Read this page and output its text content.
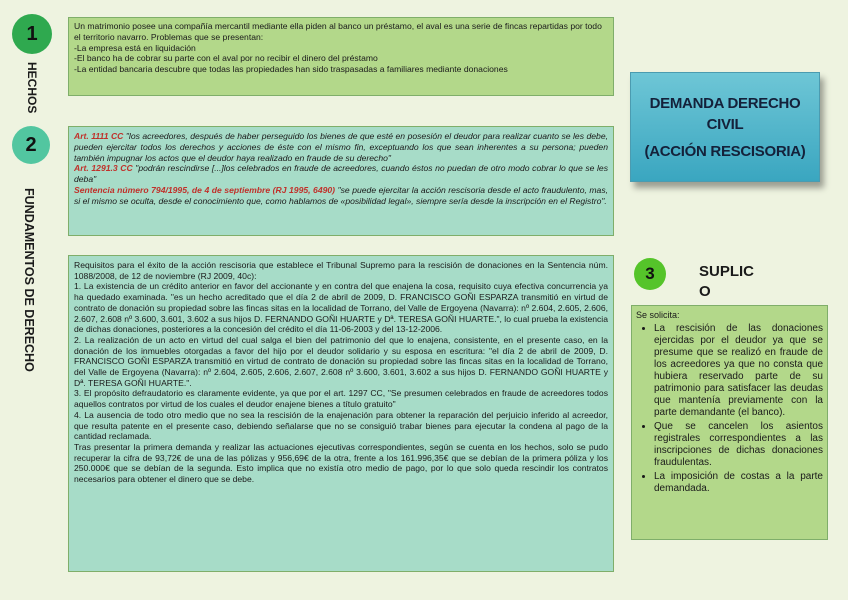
1
2
3
HECHOS
FUNDAMENTOS DE DERECHO

Un matrimonio posee una compañía mercantil mediante ella piden al banco un préstamo, el aval es una serie de fincas repartidas por todo el territorio navarro. Problemas que se presentan:

-La empresa está en liquidación

-El banco ha de cobrar su parte con el aval por no recibir el dinero del préstamo

-La entidad bancaria descubre que todas las propiedades han sido traspasadas a familiares mediante donaciones

DEMANDA DERECHO
CIVIL
(ACCIÓN RESCISORIA)

Art. 1111 CC "los acreedores, después de haber perseguido los bienes de que esté en posesión el deudor para realizar cuanto se les debe, pueden ejercitar todos los derechos y acciones de éste con el mismo fin, exceptuando los que sean inherentes a su persona; pueden también impugnar los actos que el deudor haya realizado en fraude de su derecho"

Art. 1291.3 CC "podrán rescindirse [...]los celebrados en fraude de acreedores, cuando éstos no puedan de otro modo cobrar lo que se les deba"

Sentencia número 794/1995, de 4 de septiembre (RJ 1995, 6490) "se puede ejercitar la acción rescisoria desde el acto fraudulento, mas, si el mismo se oculta, desde el conocimiento que, como hablamos de «posibilidad legal», siempre sería desde la inscripción en el Registro".

Requisitos para el éxito de la acción rescisoria que establece el Tribunal Supremo para la rescisión de donaciones en la Sentencia núm. 1088/2008, de 12 de noviembre (RJ 2009, 40c):

1. La existencia de un crédito anterior en favor del accionante y en contra del que enajena la cosa, requisito cuya efectiva concurrencia ya ha quedado examinada. "es un hecho acreditado que el día 2 de abril de 2009, D. FRANCISCO GOÑI ESPARZA transmitió en virtud de contrato de donación su propiedad sobre las fincas sitas en la localidad de Torrano, del Valle de Ergoyena (Navarra): nº 2.604, 2.605, 2.606, 2.607, 2.608 nº 3.600, 3.601, 3.602 a sus hijos D. FERNANDO GOÑI HUARTE y Dª. TERESA GOÑI HUARTE.", lo cual prueba la existencia de dichas donaciones, posteriores a la concesión del crédito el día 11-06-2003 y del 13-12-2006.

2. La realización de un acto en virtud del cual salga el bien del patrimonio del que lo enajena, consistente, en el presente caso, en la donación de los inmuebles otorgadas a favor del hijo por el deudor solidario y su esposa en escritura: "el día 2 de abril de 2009, D. FRANCISCO GOÑI ESPARZA transmitió en virtud de contrato de donación su propiedad sobre las fincas sitas en la localidad de Torrano, del Valle de Ergoyena (Navarra): nº 2.604, 2.605, 2.606, 2.607, 2.608 nº 3.600, 3.601, 3.602 a sus hijos D. FERNANDO GOÑI HUARTE y Dª. TERESA GOÑI HUARTE.".

3. El propósito defraudatorio es claramente evidente, ya que por el art. 1297 CC, "Se presumen celebrados en fraude de acreedores todos aquellos contratos por virtud de los cuales el deudor enajene bienes a título gratuito"

4. La ausencia de todo otro medio que no sea la rescisión de la enajenación para obtener la reparación del perjuicio inferido al acreedor, que resulta patente en el presente caso, debiendo señalarse que no se consiguió trabar bienes para ejecutar la condena al pago de la cantidad reclamada.

Tras presentar la primera demanda y realizar las actuaciones ejecutivas correspondientes, según se cuenta en los hechos, solo se pudo recuperar la cifra de 93,72€ de una de las pólizas y 956,69€ de la otra, frente a los 161.996,35€ que se debían de la primera póliza y los 250.000€ que se debían de la segunda. Esto implica que no existía otro medio de pago, por lo que solo queda rescindir los contratos necesarios para obtener el dinero que se debe.

SUPLICO

Se solicita:

• La rescisión de las donaciones ejercidas por el deudor ya que se presume que se realizó en fraude de los acreedores ya que no consta que hubiera reservado parte de su patrimonio para satisfacer las deudas que mantenía previamente con la parte demandante (el banco).
• Que se cancelen los asientos registrales correspondientes a las inscripciones de dichas donaciones fraudulentas.
• La imposición de costas a la parte demandada.
